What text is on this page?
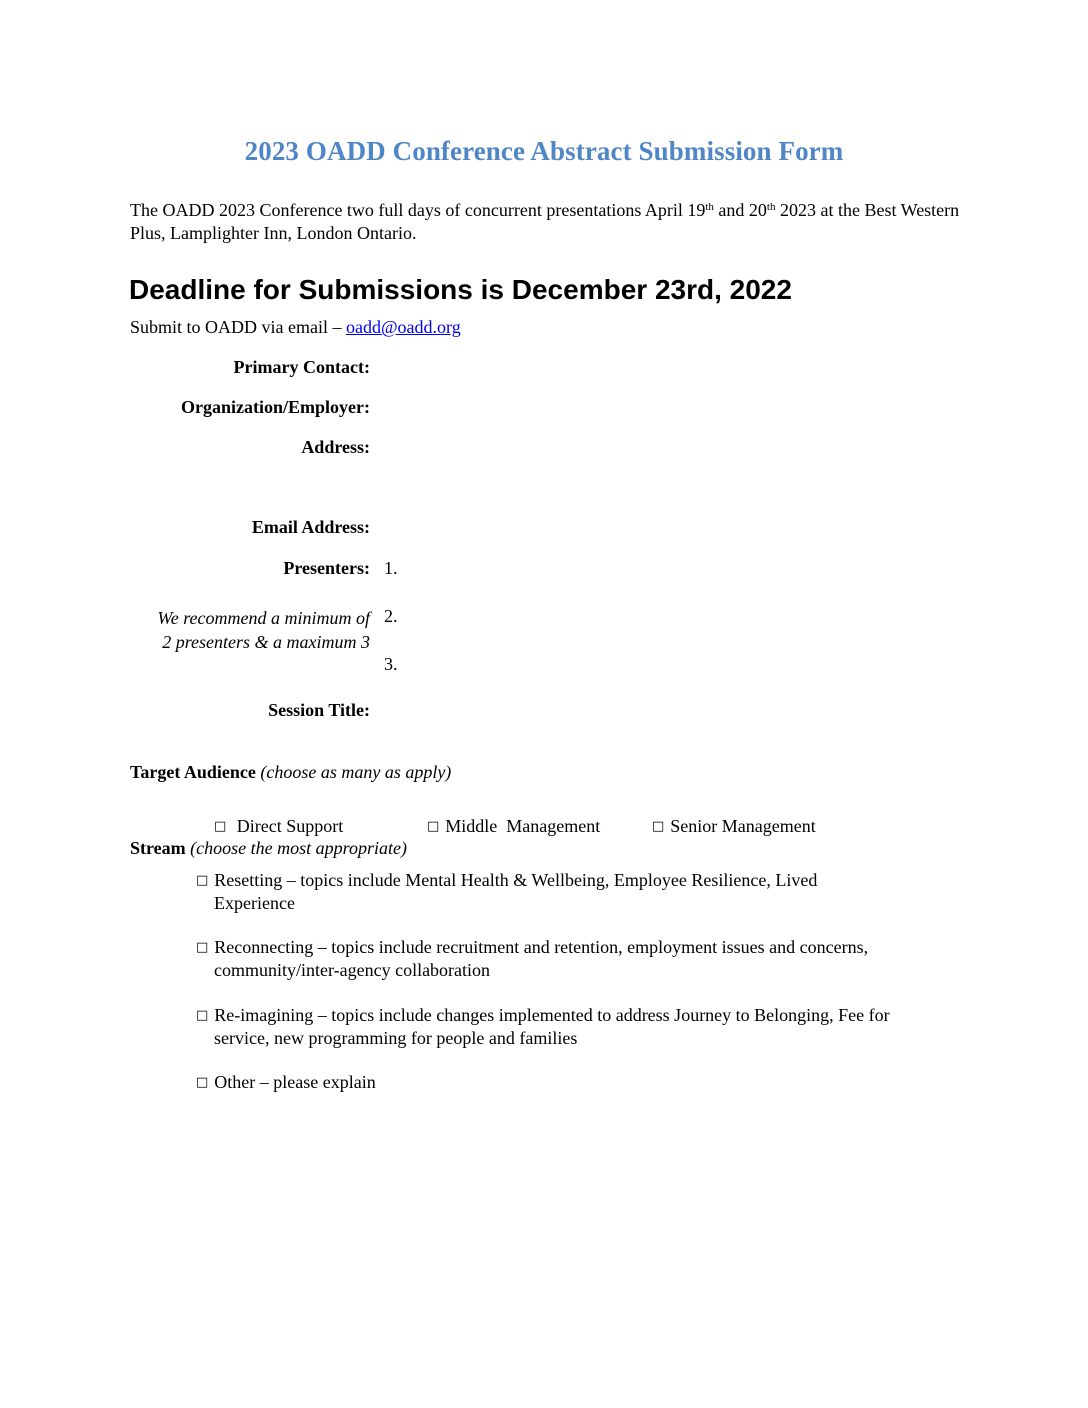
2023 OADD Conference Abstract Submission Form
The OADD 2023 Conference two full days of concurrent presentations April 19th and 20th 2023 at the Best Western Plus, Lamplighter Inn, London Ontario.
Deadline for Submissions is December 23rd, 2022
Submit to OADD via email – oadd@oadd.org
Primary Contact:
Organization/Employer:
Address:
Email Address:
Presenters:
We recommend a minimum of
2 presenters & a maximum 3
1.
2.
3.
Session Title:
Target Audience (choose as many as apply)

□ Direct Support
	□ Middle  Management
	□ Senior Management

Stream (choose the most appropriate)
□ Resetting – topics include Mental Health & Wellbeing, Employee Resilience, Lived
Experience
□ Reconnecting – topics include recruitment and retention, employment issues and concerns,
community/inter-agency collaboration
□ Re-imagining – topics include changes implemented to address Journey to Belonging, Fee for
service, new programming for people and families
□ Other – please explain
